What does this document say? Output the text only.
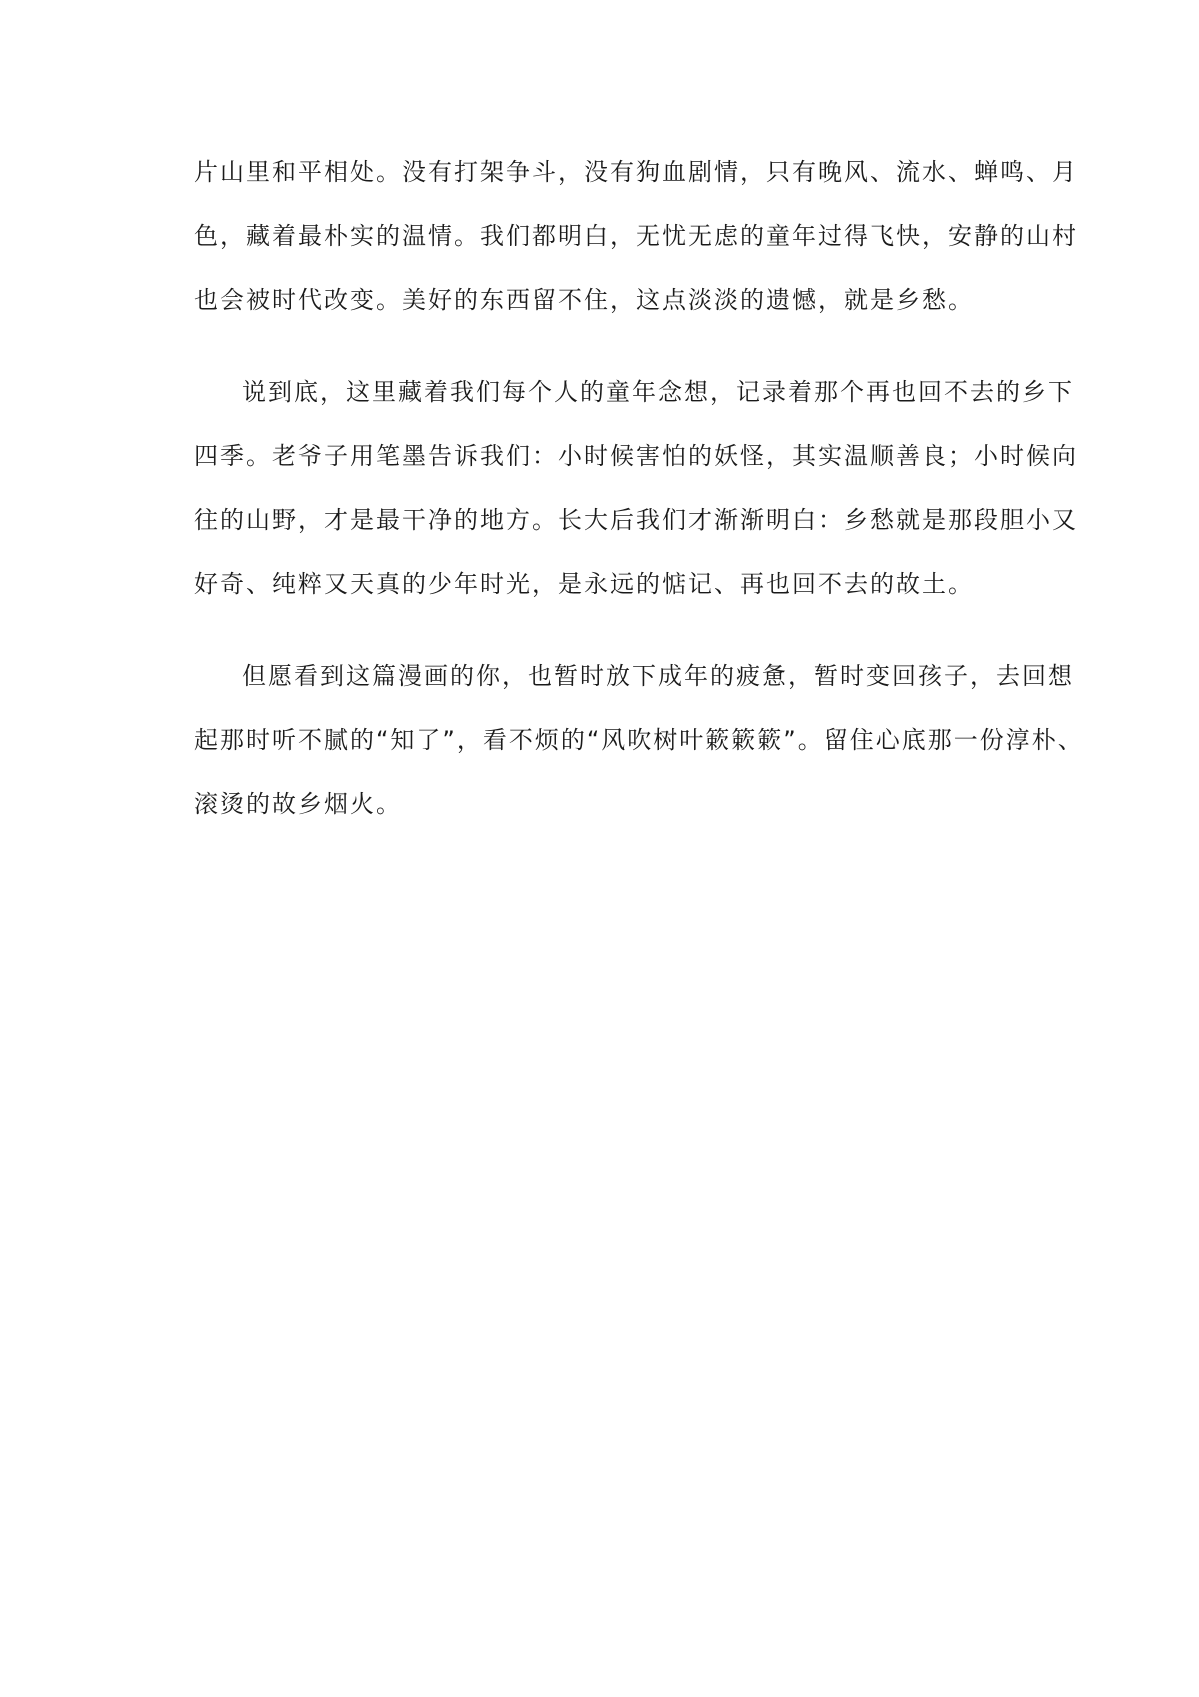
片山里和平相处。没有打架争斗，没有狗血剧情，只有晚风、流水、蝉鸣、月
色，藏着最朴实的温情。我们都明白，无忧无虑的童年过得飞快，安静的山村
也会被时代改变。美好的东西留不住，这点淡淡的遗憾，就是乡愁。
说到底，这里藏着我们每个人的童年念想，记录着那个再也回不去的乡下
四季。老爷子用笔墨告诉我们：小时候害怕的妖怪，其实温顺善良；小时候向
往的山野，才是最干净的地方。长大后我们才渐渐明白：乡愁就是那段胆小又
好奇、纯粹又天真的少年时光，是永远的惦记、再也回不去的故土。
但愿看到这篇漫画的你，也暂时放下成年的疲惫，暂时变回孩子，去回想
起那时听不腻的“知了”，看不烦的“风吹树叶簌簌簌”。留住心底那一份淳朴、
滚烫的故乡烟火。
